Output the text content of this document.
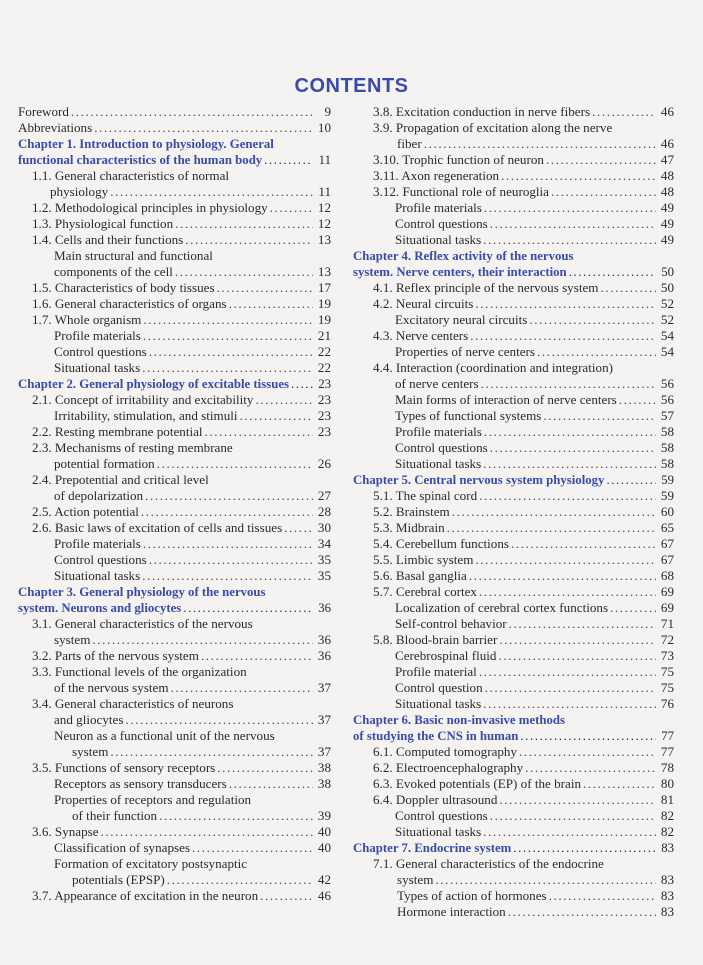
CONTENTS
Foreword .....	9
Abbreviations .....	10
Chapter 1. Introduction to physiology. General
functional characteristics of the human body .....	11
1.1. General characteristics of normal
physiology .....	11
1.2. Methodological principles in physiology .....	12
1.3. Physiological function .....	12
1.4. Cells and their functions .....	13
Main structural and functional
components of the cell .....	13
1.5. Characteristics of body tissues .....	17
1.6. General characteristics of organs .....	19
1.7. Whole organism .....	19
Profile materials .....	21
Control questions .....	22
Situational tasks .....	22
Chapter 2. General physiology of excitable tissues ..... 23
2.1. Concept of irritability and excitability .....	23
Irritability, stimulation, and stimuli .....	23
2.2. Resting membrane potential .....	23
2.3. Mechanisms of resting membrane
potential formation .....	26
2.4. Prepotential and critical level
of depolarization .....	27
2.5. Action potential .....	28
2.6. Basic laws of excitation of cells and tissues .....	30
Profile materials .....	34
Control questions .....	35
Situational tasks .....	35
Chapter 3. General physiology of the nervous
system. Neurons and gliocytes .....	36
3.1. General characteristics of the nervous
system .....	36
3.2. Parts of the nervous system .....	36
3.3. Functional levels of the organization
of the nervous system .....	37
3.4. General characteristics of neurons
and gliocytes .....	37
Neuron as a functional unit of the nervous
system .....	37
3.5. Functions of sensory receptors .....	38
Receptors as sensory transducers .....	38
Properties of receptors and regulation
of their function .....	39
3.6. Synapse .....	40
Classification of synapses .....	40
Formation of excitatory postsynaptic
potentials (EPSP) .....	42
3.7. Appearance of excitation in the neuron .....	46
3.8. Excitation conduction in nerve fibers .....	46
3.9. Propagation of excitation along the nerve
fiber .....	46
3.10. Trophic function of neuron .....	47
3.11. Axon regeneration .....	48
3.12. Functional role of neuroglia .....	48
Profile materials .....	49
Control questions .....	49
Situational tasks .....	49
Chapter 4. Reflex activity of the nervous
system. Nerve centers, their interaction .....	50
4.1. Reflex principle of the nervous system .....	50
4.2. Neural circuits .....	52
Excitatory neural circuits .....	52
4.3. Nerve centers .....	54
Properties of nerve centers .....	54
4.4. Interaction (coordination and integration)
of nerve centers .....	56
Main forms of interaction of nerve centers .....	56
Types of functional systems .....	57
Profile materials .....	58
Control questions .....	58
Situational tasks .....	58
Chapter 5. Central nervous system physiology .....	59
5.1. The spinal cord .....	59
5.2. Brainstem .....	60
5.3. Midbrain .....	65
5.4. Cerebellum functions .....	67
5.5. Limbic system .....	67
5.6. Basal ganglia .....	68
5.7. Cerebral cortex .....	69
Localization of cerebral cortex functions .....	69
Self-control behavior .....	71
5.8. Blood-brain barrier .....	72
Cerebrospinal fluid .....	73
Profile material .....	75
Control question .....	75
Situational tasks .....	76
Chapter 6. Basic non-invasive methods
of studying the CNS in human .....	77
6.1. Computed tomography .....	77
6.2. Electroencephalography .....	78
6.3. Evoked potentials (EP) of the brain .....	80
6.4. Doppler ultrasound .....	81
Control questions .....	82
Situational tasks .....	82
Chapter 7. Endocrine system .....	83
7.1. General characteristics of the endocrine
system .....	83
Types of action of hormones .....	83
Hormone interaction .....	83
